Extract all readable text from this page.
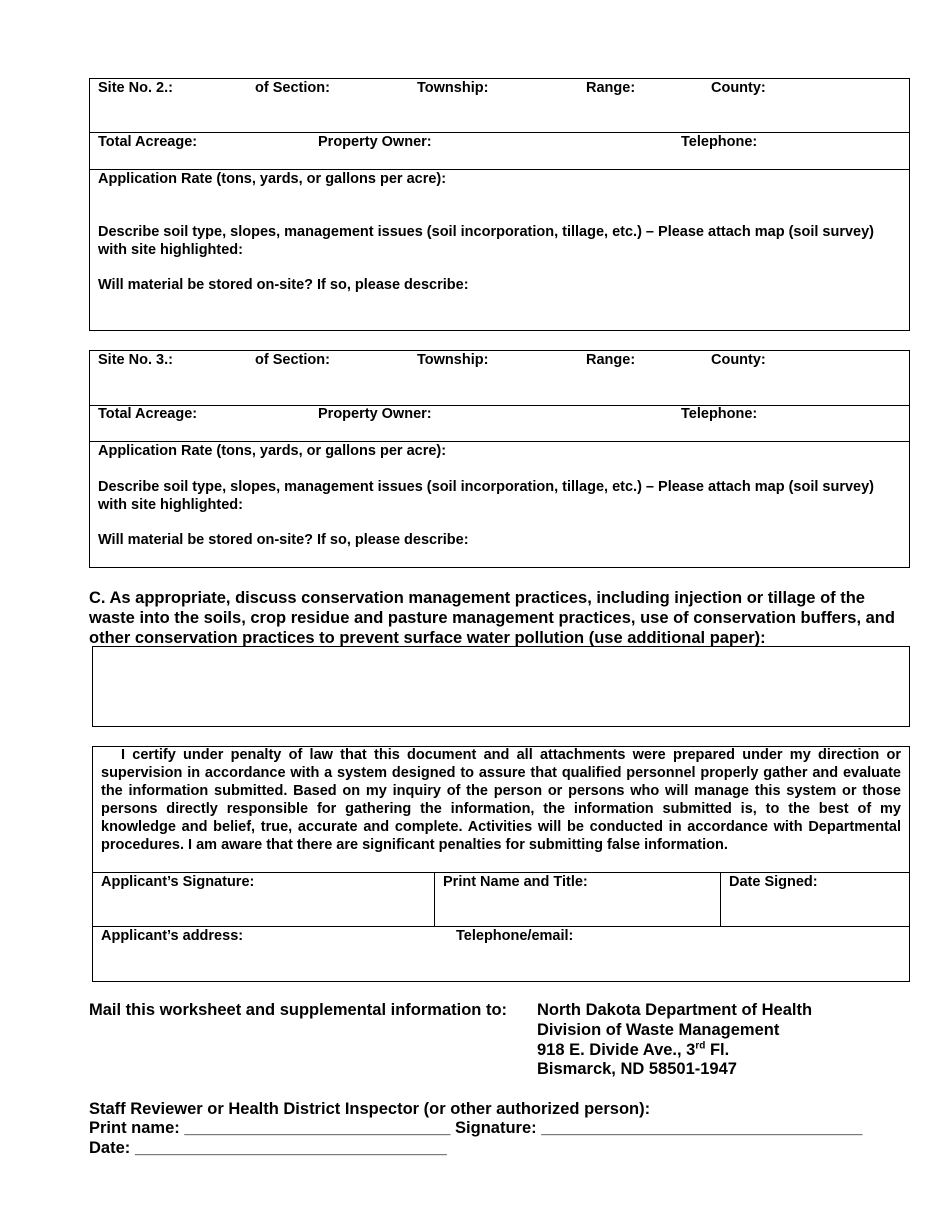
Site No. 2.:	of Section:	Township:	Range:	County:
Total Acreage:	Property Owner:	Telephone:
Application Rate (tons, yards, or gallons per acre):
Describe soil type, slopes, management issues (soil incorporation, tillage, etc.) – Please attach map (soil survey) with site highlighted:
Will material be stored on-site? If so, please describe:
Site No. 3.:	of Section:	Township:	Range:	County:
Total Acreage:	Property Owner:	Telephone:
Application Rate (tons, yards, or gallons per acre):
Describe soil type, slopes, management issues (soil incorporation, tillage, etc.) – Please attach map (soil survey) with site highlighted:
Will material be stored on-site? If so, please describe:
C. As appropriate, discuss conservation management practices, including injection or tillage of the waste into the soils, crop residue and pasture management practices, use of conservation buffers, and other conservation practices to prevent surface water pollution (use additional paper):
I certify under penalty of law that this document and all attachments were prepared under my direction or supervision in accordance with a system designed to assure that qualified personnel properly gather and evaluate the information submitted. Based on my inquiry of the person or persons who will manage this system or those persons directly responsible for gathering the information, the information submitted is, to the best of my knowledge and belief, true, accurate and complete. Activities will be conducted in accordance with Departmental procedures. I am aware that there are significant penalties for submitting false information.
Applicant’s Signature:	Print Name and Title:	Date Signed:
Applicant’s address:	Telephone/email:
Mail this worksheet and supplemental information to: North Dakota Department of Health
Division of Waste Management
918 E. Divide Ave., 3rd Fl.
Bismarck, ND 58501-1947
Staff Reviewer or Health District Inspector (or other authorized person):
Print name: _____________________________ Signature: ___________________________________
Date: __________________________________
